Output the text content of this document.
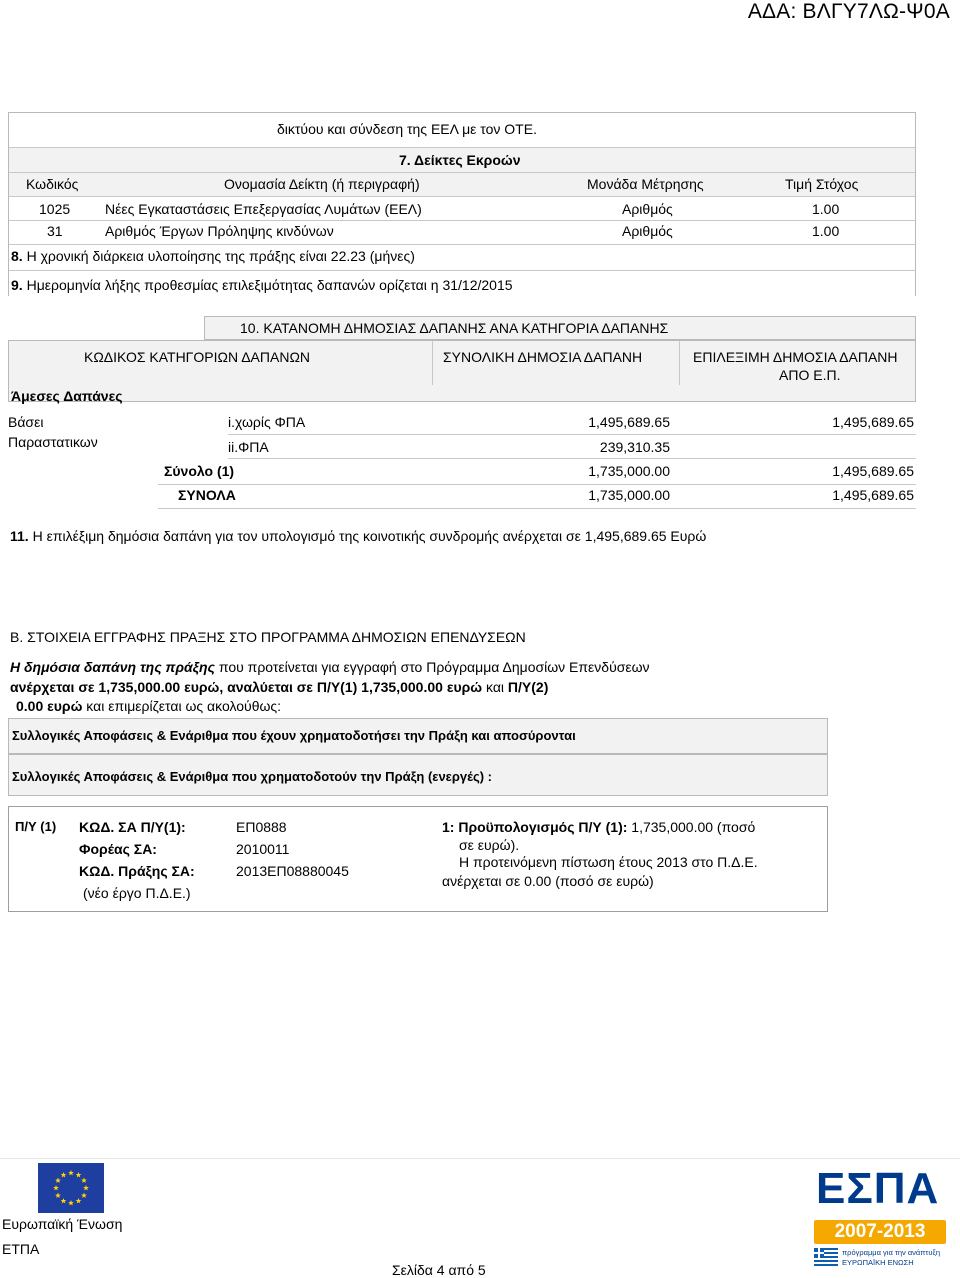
ΑΔΑ: ΒΛΓΥ7ΛΩ-Ψ0Α
δικτύου και σύνδεση της ΕΕΛ με τον ΟΤΕ.
7. Δείκτες Εκροών
Κωδικός	Ονομασία Δείκτη (ή περιγραφή)	Μονάδα Μέτρησης	Τιμή Στόχος
1025 Νέες Εγκαταστάσεις Επεξεργασίας Λυμάτων (ΕΕΛ)	Αριθμός	1.00
31	Αριθμός Έργων Πρόληψης κινδύνων	Αριθμός	1.00
8. Η χρονική διάρκεια υλοποίησης της πράξης είναι 22.23 (μήνες)
9. Ημερομηνία λήξης προθεσμίας επιλεξιμότητας δαπανών ορίζεται η 31/12/2015
10. ΚΑΤΑΝΟΜΗ ΔΗΜΟΣΙΑΣ ΔΑΠΑΝΗΣ ΑΝΑ ΚΑΤΗΓΟΡΙΑ ΔΑΠΑΝΗΣ
ΚΩΔΙΚΟΣ ΚΑΤΗΓΟΡΙΩΝ ΔΑΠΑΝΩΝ	ΣΥΝΟΛΙΚΗ ΔΗΜΟΣΙΑ ΔΑΠΑΝΗ	ΕΠΙΛΕΞΙΜΗ ΔΗΜΟΣΙΑ ΔΑΠΑΝΗ
ΑΠΟ Ε.Π.
Άμεσες Δαπάνες
Βάσει
Παραστατικων
i.χωρίς ΦΠΑ	1,495,689.65	1,495,689.65
ii.ΦΠΑ	239,310.35
Σύνολο (1)	1,735,000.00	1,495,689.65
ΣΥΝΟΛΑ	1,735,000.00	1,495,689.65
11. Η επιλέξιμη δημόσια δαπάνη για τον υπολογισμό της κοινοτικής συνδρομής ανέρχεται σε 1,495,689.65 Ευρώ
Β. ΣΤΟΙΧΕΙΑ ΕΓΓΡΑΦΗΣ ΠΡΑΞΗΣ ΣΤΟ ΠΡΟΓΡΑΜΜΑ ΔΗΜΟΣΙΩΝ ΕΠΕΝΔΥΣΕΩΝ
Η δημόσια δαπάνη της πράξης που προτείνεται για εγγραφή στο Πρόγραμμα Δημοσίων Επενδύσεων
ανέρχεται σε 1,735,000.00 ευρώ, αναλύεται σε Π/Υ(1) 1,735,000.00 ευρώ και Π/Υ(2)
0.00 ευρώ και επιμερίζεται ως ακολούθως:
Συλλογικές Αποφάσεις & Ενάριθμα που έχουν χρηματοδοτήσει την Πράξη και αποσύρονται
Συλλογικές Αποφάσεις & Ενάριθμα που χρηματοδοτούν την Πράξη (ενεργές) :
Π/Υ (1) ΚΩΔ. ΣΑ Π/Υ(1):	ΕΠ0888
Φορέας ΣΑ:	2010011
ΚΩΔ. Πράξης ΣΑ:	2013ΕΠ08880045
(νέο έργο Π.Δ.Ε.)
1: Προϋπολογισμός Π/Υ (1): 1,735,000.00 (ποσό
σε ευρώ).
Η προτεινόμενη πίστωση έτους 2013 στο Π.Δ.Ε.
ανέρχεται σε 0.00 (ποσό σε ευρώ)
Ευρωπαϊκή Ένωση
ΕΤΠΑ
Σελίδα 4 από 5
ΕΣΠΑ
2007-2013
πρόγραμμα για την ανάπτυξη
ΕΥΡΩΠΑΪΚΗ ΕΝΩΣΗ
